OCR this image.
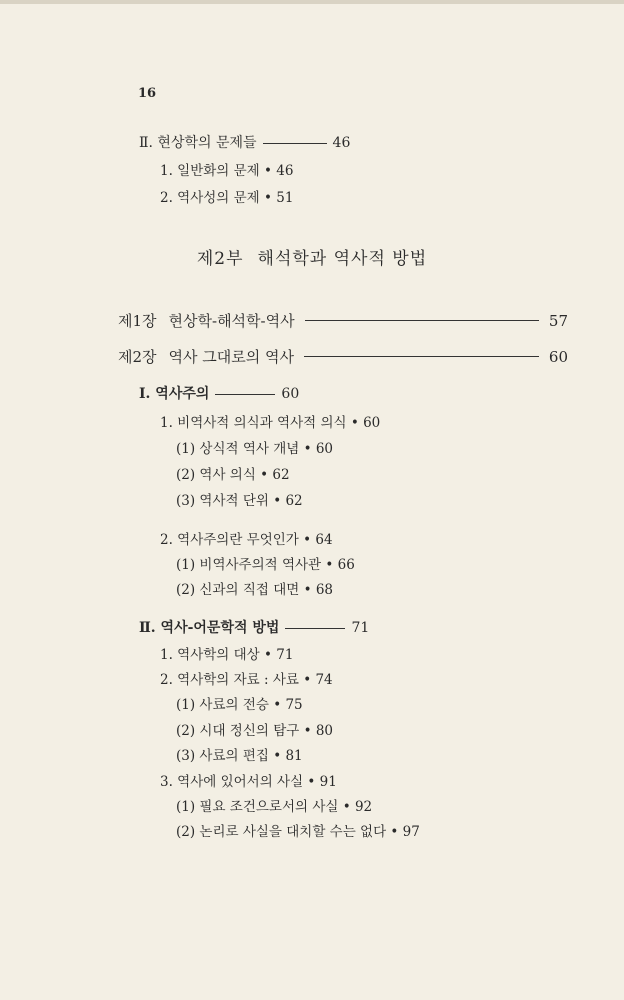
16
Ⅱ. 현상학의 문제들	46
1. 일반화의 문제 • 46
2. 역사성의 문제 • 51
제2부 해석학과 역사적 방법
제1장 현상학-해석학-역사	57
제2장 역사 그대로의 역사	60
Ⅰ. 역사주의	60
1. 비역사적 의식과 역사적 의식 • 60
(1) 상식적 역사 개념 • 60
(2) 역사 의식 • 62
(3) 역사적 단위 • 62
2. 역사주의란 무엇인가 • 64
(1) 비역사주의적 역사관 • 66
(2) 신과의 직접 대면 • 68
Ⅱ. 역사-어문학적 방법	71
1. 역사학의 대상 • 71
2. 역사학의 자료 : 사료 • 74
(1) 사료의 전승 • 75
(2) 시대 정신의 탐구 • 80
(3) 사료의 편집 • 81
3. 역사에 있어서의 사실 • 91
(1) 필요 조건으로서의 사실 • 92
(2) 논리로 사실을 대치할 수는 없다 • 97
